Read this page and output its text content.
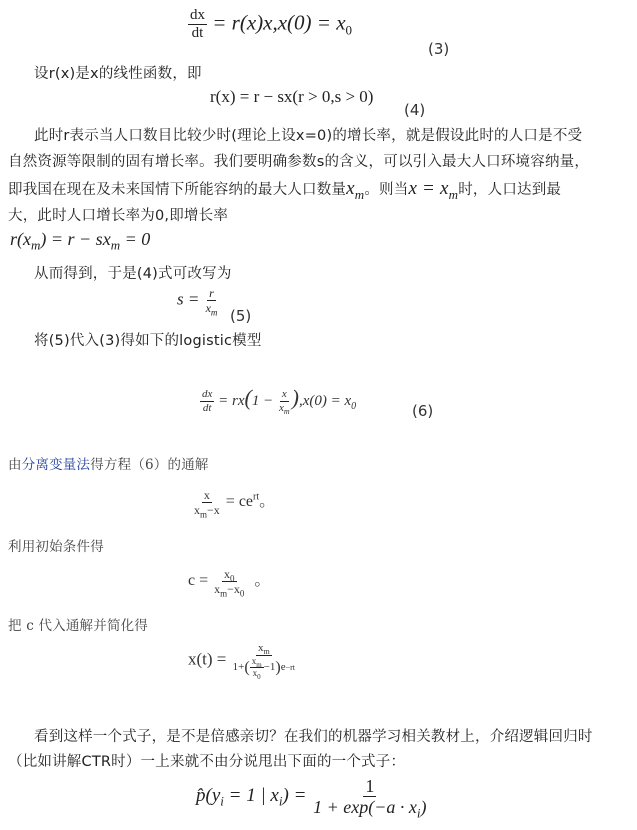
$\frac{dx}{dt} = r(x)x,x(0) = x_0$
(3)
设r(x)是x的线性函数，即
r(x) = r − sx(r > 0,s > 0)
(4)
此时r表示当人口数目比较少时(理论上设x=0)的增长率，就是假设此时的人口是不受
自然资源等限制的固有增长率。我们要明确参数s的含义，可以引入最大人口环境容纳量，
即我国在现在及未来国情下所能容纳的最大人口数量$x_m$。则当$x = x_m$时，人口达到最
大，此时人口增长率为0,即增长率
$r(x_m) = r - sx_m = 0$
从而得到，于是(4)式可改写为
$s = \frac{r}{x_m}$
(5)
将(5)代入(3)得如下的logistic模型
$\frac{dx}{dt} = rx(1 - \frac{x}{x_m} ),x(0) = x_0$	(6)
由分离变量法得方程（6）的通解
$\frac{x}{x_m-x} = ce^{rt}$。
利用初始条件得
$c = \frac{x_0}{x_m-x_0}$ 。
把 c 代入通解并简化得
$x(t) = \frac{x_m}{1+ ( \frac{x_m}{x_0} -1 ) e -rt}$
看到这样一个式子，是不是倍感亲切？在我们的机器学习相关教材上，介绍逻辑回归时
（比如讲解CTR时）一上来就不由分说甩出下面的一个式子：
$p̂(y_i = 1$ | $x_i) = \frac{1}{1 + \exp(-a \cdot x_i)}$
